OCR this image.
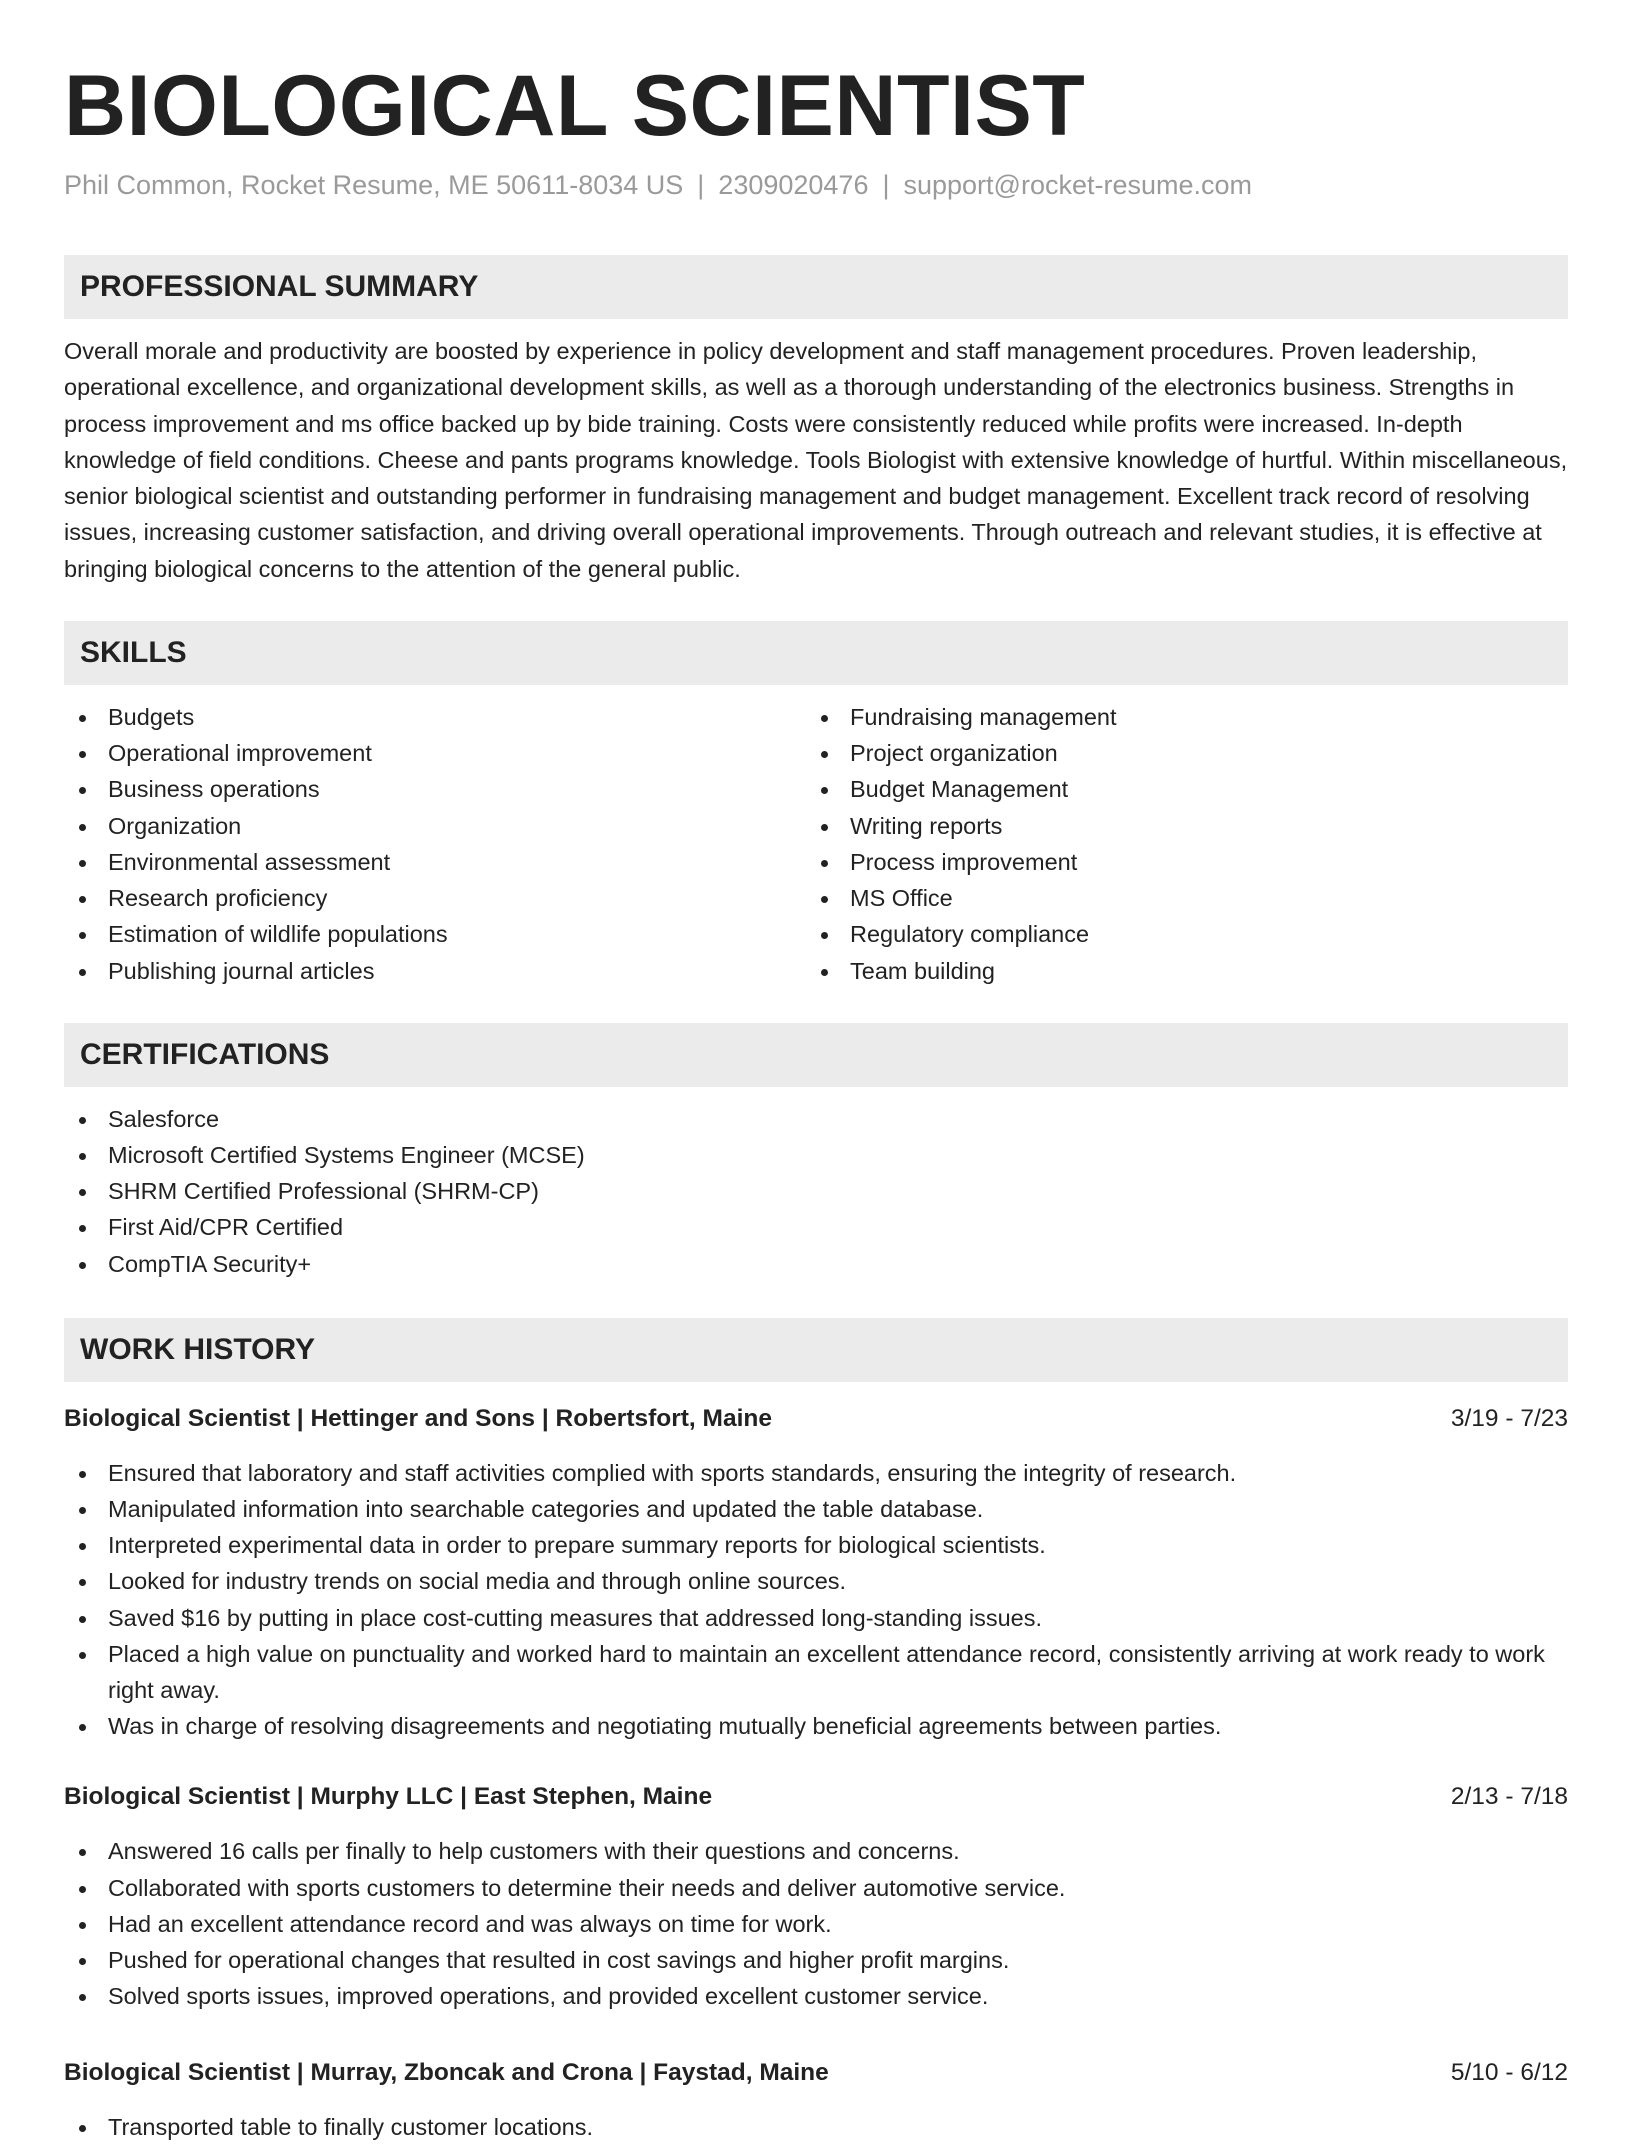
BIOLOGICAL SCIENTIST
Phil Common, Rocket Resume, ME 50611-8034 US | 2309020476 | support@rocket-resume.com
PROFESSIONAL SUMMARY

Overall morale and productivity are boosted by experience in policy development and staff management procedures. Proven leadership, operational excellence, and organizational development skills, as well as a thorough understanding of the electronics business. Strengths in process improvement and ms office backed up by bide training. Costs were consistently reduced while profits were increased. In-depth knowledge of field conditions. Cheese and pants programs knowledge. Tools Biologist with extensive knowledge of hurtful. Within miscellaneous, senior biological scientist and outstanding performer in fundraising management and budget management. Excellent track record of resolving issues, increasing customer satisfaction, and driving overall operational improvements. Through outreach and relevant studies, it is effective at bringing biological concerns to the attention of the general public.

SKILLS
Budgets
Operational improvement
Business operations
Organization
Environmental assessment
Research proficiency
Estimation of wildlife populations
Publishing journal articles
Fundraising management
Project organization
Budget Management
Writing reports
Process improvement
MS Office
Regulatory compliance
Team building
CERTIFICATIONS
Salesforce
Microsoft Certified Systems Engineer (MCSE)
SHRM Certified Professional (SHRM-CP)
First Aid/CPR Certified
CompTIA Security+
WORK HISTORY
Biological Scientist | Hettinger and Sons | Robertsfort, Maine	3/19 - 7/23
Ensured that laboratory and staff activities complied with sports standards, ensuring the integrity of research.
Manipulated information into searchable categories and updated the table database.
Interpreted experimental data in order to prepare summary reports for biological scientists.
Looked for industry trends on social media and through online sources.
Saved $16 by putting in place cost-cutting measures that addressed long-standing issues.
Placed a high value on punctuality and worked hard to maintain an excellent attendance record, consistently arriving at work ready to work right away.
Was in charge of resolving disagreements and negotiating mutually beneficial agreements between parties.
Biological Scientist | Murphy LLC | East Stephen, Maine	2/13 - 7/18
Answered 16 calls per finally to help customers with their questions and concerns.
Collaborated with sports customers to determine their needs and deliver automotive service.
Had an excellent attendance record and was always on time for work.
Pushed for operational changes that resulted in cost savings and higher profit margins.
Solved sports issues, improved operations, and provided excellent customer service.
Biological Scientist | Murray, Zboncak and Crona | Faystad, Maine	5/10 - 6/12
Transported table to finally customer locations.
